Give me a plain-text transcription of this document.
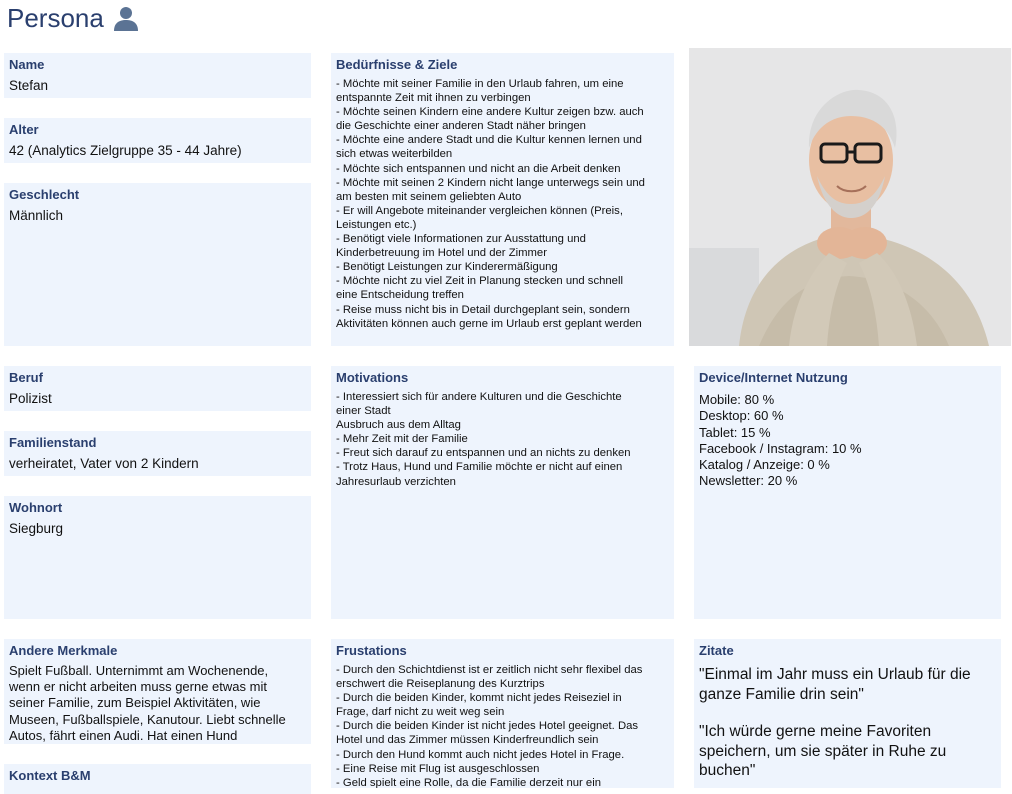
Persona
Name
Stefan
Alter
42 (Analytics Zielgruppe 35 - 44 Jahre)
Geschlecht
Männlich
Beruf
Polizist
Familienstand
verheiratet, Vater von 2 Kindern
Wohnort
Siegburg
Andere Merkmale
Spielt Fußball. Unternimmt am Wochenende,
wenn er nicht arbeiten muss gerne etwas mit
seiner Familie, zum Beispiel Aktivitäten, wie
Museen, Fußballspiele, Kanutour. Liebt schnelle
Autos, fährt einen Audi. Hat einen Hund
Kontext B&M
Bedürfnisse & Ziele
- Möchte mit seiner Familie in den Urlaub fahren, um eine
entspannte Zeit mit ihnen zu verbingen
- Möchte seinen Kindern eine andere Kultur zeigen bzw. auch
die Geschichte einer anderen Stadt näher bringen
- Möchte eine andere Stadt und die Kultur kennen lernen und
sich etwas weiterbilden
- Möchte sich entspannen und nicht an die Arbeit denken
- Möchte mit seinen 2 Kindern nicht lange unterwegs sein und
am besten mit seinem geliebten Auto
- Er will Angebote miteinander vergleichen können (Preis,
Leistungen etc.)
- Benötigt viele Informationen zur Ausstattung und
Kinderbetreuung im Hotel und der Zimmer
- Benötigt Leistungen zur Kinderermäßigung
- Möchte nicht zu viel Zeit in Planung stecken und schnell
eine Entscheidung treffen
- Reise muss nicht bis in Detail durchgeplant sein, sondern
Aktivitäten können auch gerne im Urlaub erst geplant werden
Motivations
- Interessiert sich für andere Kulturen und die Geschichte
einer Stadt
Ausbruch aus dem Alltag
- Mehr Zeit mit der Familie
- Freut sich darauf zu entspannen und an nichts zu denken
- Trotz Haus, Hund und Familie möchte er nicht auf einen
Jahresurlaub verzichten
Frustations
- Durch den Schichtdienst ist er zeitlich nicht sehr flexibel das
erschwert die Reiseplanung des Kurztrips
- Durch die beiden Kinder, kommt nicht jedes Reiseziel in
Frage, darf nicht zu weit weg sein
- Durch die beiden Kinder ist nicht jedes Hotel geeignet. Das
Hotel und das Zimmer müssen Kinderfreundlich sein
- Durch den Hund kommt auch nicht jedes Hotel in Frage.
- Eine Reise mit Flug ist ausgeschlossen
- Geld spielt eine Rolle, da die Familie derzeit nur ein
Device/Internet Nutzung
Mobile: 80 %
Desktop: 60 %
Tablet: 15 %
Facebook / Instagram: 10 %
Katalog / Anzeige: 0 %
Newsletter: 20 %
Zitate
"Einmal im Jahr muss ein Urlaub für die
ganze Familie drin sein"
"Ich würde gerne meine Favoriten
speichern, um sie später in Ruhe zu
buchen"
